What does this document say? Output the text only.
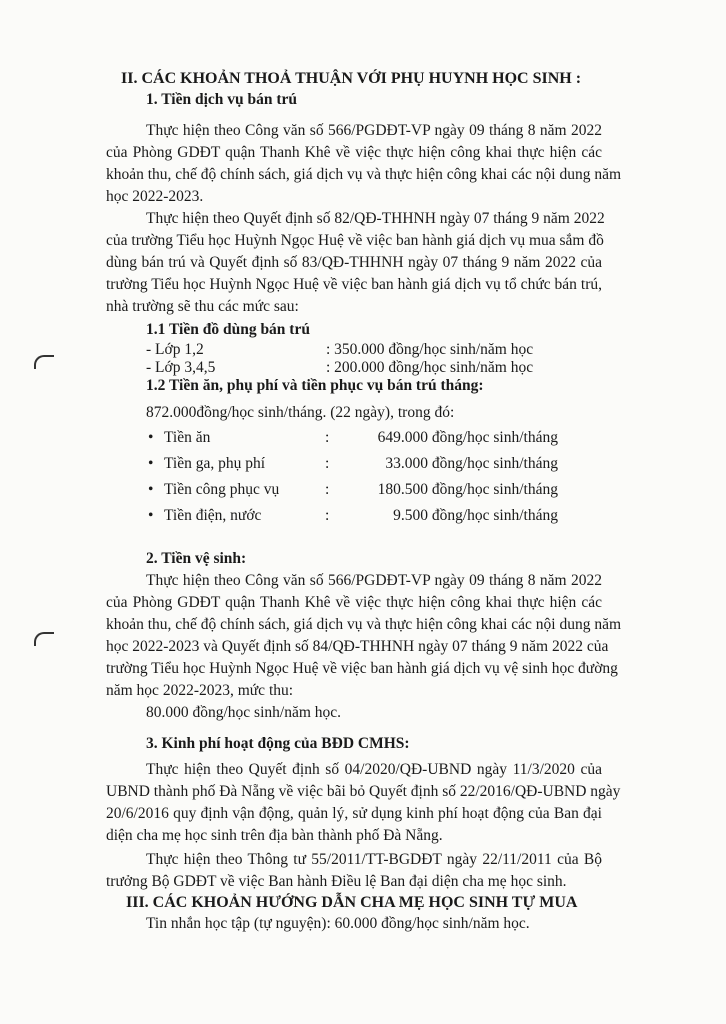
II. CÁC KHOẢN THOẢ THUẬN VỚI PHỤ HUYNH HỌC SINH :
1. Tiền dịch vụ bán trú
Thực hiện theo Công văn số 566/PGDĐT-VP ngày 09 tháng 8 năm 2022
của Phòng GDĐT quận Thanh Khê về việc thực hiện công khai thực hiện các
khoản thu, chế độ chính sách, giá dịch vụ và thực hiện công khai các nội dung năm
học 2022-2023.
Thực hiện theo Quyết định số 82/QĐ-THHNH ngày 07 tháng 9 năm 2022
của trường Tiểu học Huỳnh Ngọc Huệ về việc ban hành giá dịch vụ mua sắm đồ
dùng bán trú và Quyết định số 83/QĐ-THHNH ngày 07 tháng 9 năm 2022 của
trường Tiểu học Huỳnh Ngọc Huệ về việc ban hành giá dịch vụ tổ chức bán trú,
nhà trường sẽ thu các mức sau:
1.1 Tiền đồ dùng bán trú
- Lớp 1,2	: 350.000 đồng/học sinh/năm học
- Lớp 3,4,5	: 200.000 đồng/học sinh/năm học
1.2 Tiền ăn, phụ phí và tiền phục vụ bán trú tháng:
872.000đồng/học sinh/tháng. (22 ngày), trong đó:
• Tiền ăn	:	649.000 đồng/học sinh/tháng
• Tiền ga, phụ phí	:	33.000 đồng/học sinh/tháng
• Tiền công phục vụ	:	180.500 đồng/học sinh/tháng
• Tiền điện, nước	:	9.500 đồng/học sinh/tháng
2. Tiền vệ sinh:
Thực hiện theo Công văn số 566/PGDĐT-VP ngày 09 tháng 8 năm 2022
của Phòng GDĐT quận Thanh Khê về việc thực hiện công khai thực hiện các
khoản thu, chế độ chính sách, giá dịch vụ và thực hiện công khai các nội dung năm
học 2022-2023 và Quyết định số 84/QĐ-THHNH ngày 07 tháng 9 năm 2022 của
trường Tiểu học Huỳnh Ngọc Huệ về việc ban hành giá dịch vụ vệ sinh học đường
năm học 2022-2023, mức thu:
80.000 đồng/học sinh/năm học.
3. Kinh phí hoạt động của BĐD CMHS:
Thực hiện theo Quyết định số 04/2020/QĐ-UBND ngày 11/3/2020 của
UBND thành phố Đà Nẵng về việc bãi bỏ Quyết định số 22/2016/QĐ-UBND ngày
20/6/2016 quy định vận động, quản lý, sử dụng kinh phí hoạt động của Ban đại
diện cha mẹ học sinh trên địa bàn thành phố Đà Nẵng.
Thực hiện theo Thông tư 55/2011/TT-BGDĐT ngày 22/11/2011 của Bộ
trưởng Bộ GDĐT về việc Ban hành Điều lệ Ban đại diện cha mẹ học sinh.
III. CÁC KHOẢN HƯỚNG DẪN CHA MẸ HỌC SINH TỰ MUA
Tin nhắn học tập (tự nguyện): 60.000 đồng/học sinh/năm học.
